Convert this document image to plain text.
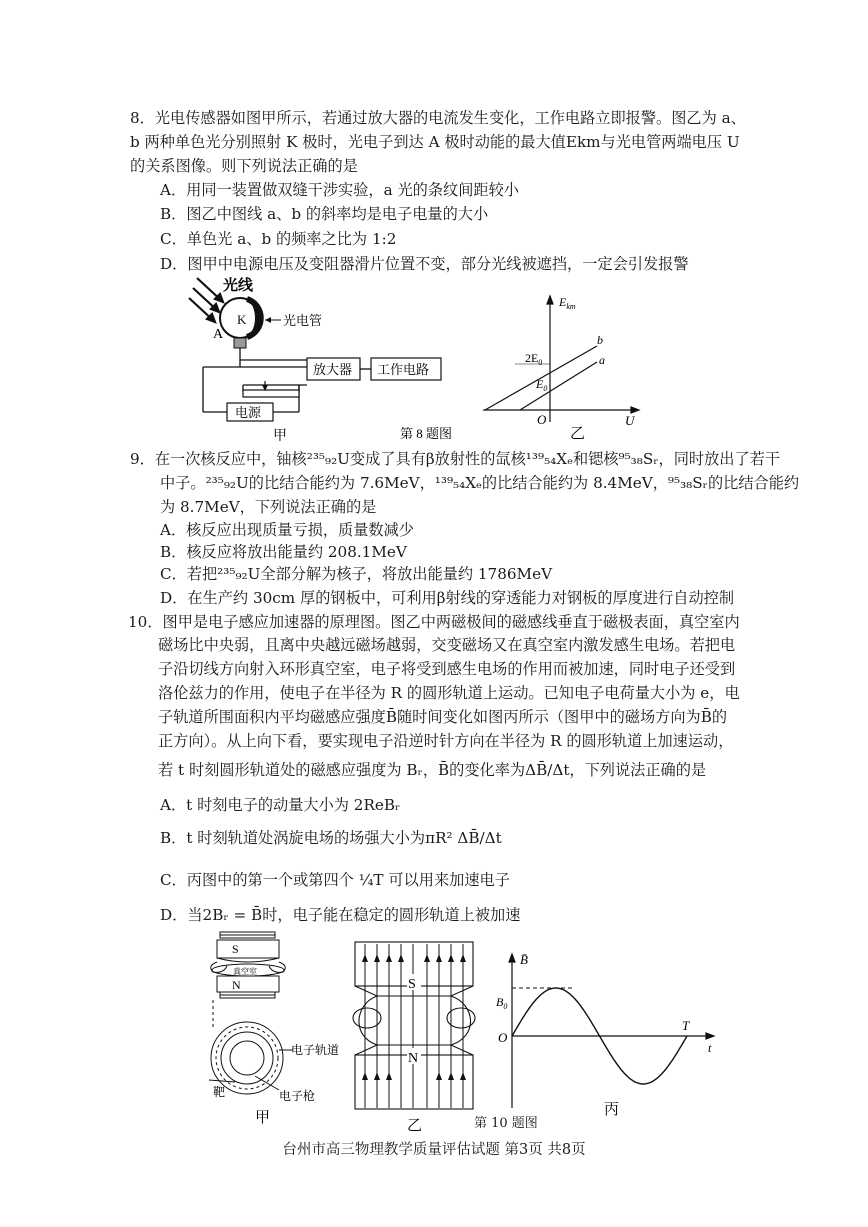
8．光电传感器如图甲所示，若通过放大器的电流发生变化，工作电路立即报警。图乙为 a、
b 两种单色光分别照射 K 极时，光电子到达 A 极时动能的最大值Ekm与光电管两端电压 U
的关系图像。则下列说法正确的是
A．用同一装置做双缝干涉实验，a 光的条纹间距较小
B．图乙中图线 a、b 的斜率均是电子电量的大小
C．单色光 a、b 的频率之比为 1:2
D．图甲中电源电压及变阻器滑片位置不变，部分光线被遮挡，一定会引发报警
光线
K
A
光电管
放大器 工作电路
电源
甲	第 8 题图
$E_{km}$
b
a
$2E_0$
$E_0$
O	U
乙
9．在一次核反应中，铀核²³⁵₉₂U变成了具有β放射性的氙核¹³⁹₅₄Xₑ和锶核⁹⁵₃₈Sᵣ，同时放出了若干
中子。²³⁵₉₂U的比结合能约为 7.6MeV，¹³⁹₅₄Xₑ的比结合能约为 8.4MeV，⁹⁵₃₈Sᵣ的比结合能约
为 8.7MeV，下列说法正确的是
A．核反应出现质量亏损，质量数减少
B．核反应将放出能量约 208.1MeV
C．若把²³⁵₉₂U全部分解为核子，将放出能量约 1786MeV
D．在生产约 30cm 厚的钢板中，可利用β射线的穿透能力对钢板的厚度进行自动控制
10．图甲是电子感应加速器的原理图。图乙中两磁极间的磁感线垂直于磁极表面，真空室内
磁场比中央弱，且离中央越远磁场越弱，交变磁场又在真空室内激发感生电场。若把电
子沿切线方向射入环形真空室，电子将受到感生电场的作用而被加速，同时电子还受到
洛伦兹力的作用，使电子在半径为 R 的圆形轨道上运动。已知电子电荷量大小为 e，电
子轨道所围面积内平均磁感应强度B̄随时间变化如图丙所示（图甲中的磁场方向为B̄的
正方向）。从上向下看，要实现电子沿逆时针方向在半径为 R 的圆形轨道上加速运动，
若 t 时刻圆形轨道处的磁感应强度为 Bᵣ，B̄的变化率为ΔB̄/Δt，下列说法正确的是
A．t 时刻电子的动量大小为 2ReBᵣ
B．t 时刻轨道处涡旋电场的场强大小为πR² ΔB̄/Δt
C．丙图中的第一个或第四个 ¼T 可以用来加速电子
D．当2Bᵣ = B̄时，电子能在稳定的圆形轨道上被加速
S
真空室
N
电子轨道
靶	电子枪
甲
S
N
乙	第 10 题图
B̄
$B_0$
O
T
t
丙
台州市高三物理教学质量评估试题 第3页 共8页
